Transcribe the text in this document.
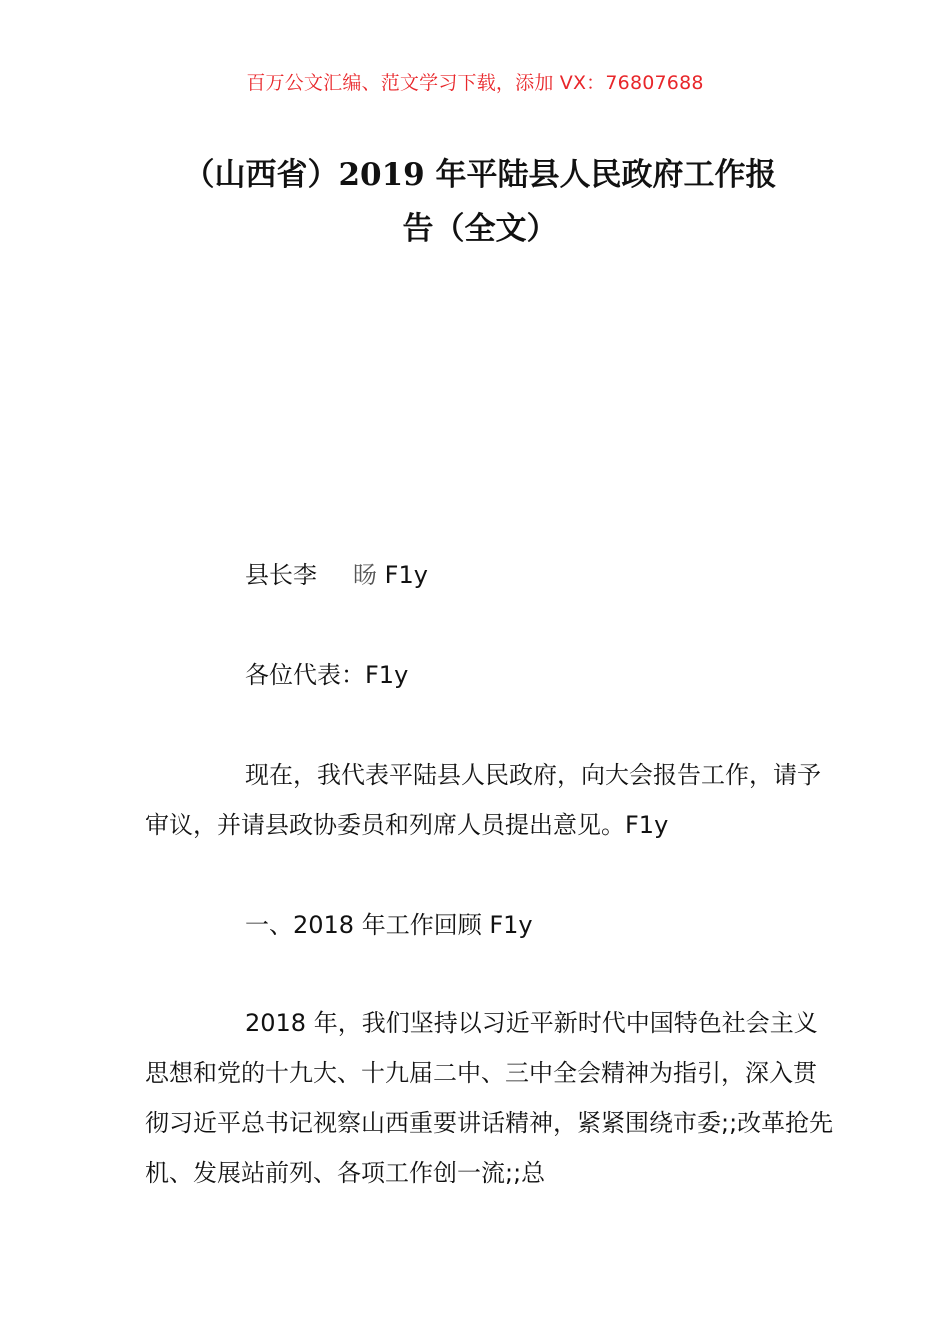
百万公文汇编、范文学习下载，添加 VX：76807688
（山西省）2019 年平陆县人民政府工作报
告（全文）

县长李 旸 F1y

各位代表：F1y

现在，我代表平陆县人民政府，向大会报告工作，请予审议，并请县政协委员和列席人员提出意见。F1y

一、2018 年工作回顾 F1y

2018 年，我们坚持以习近平新时代中国特色社会主义思想和党的十九大、十九届二中、三中全会精神为指引，深入贯彻习近平总书记视察山西重要讲话精神，紧紧围绕市委;;改革抢先机、发展站前列、各项工作创一流;;总
